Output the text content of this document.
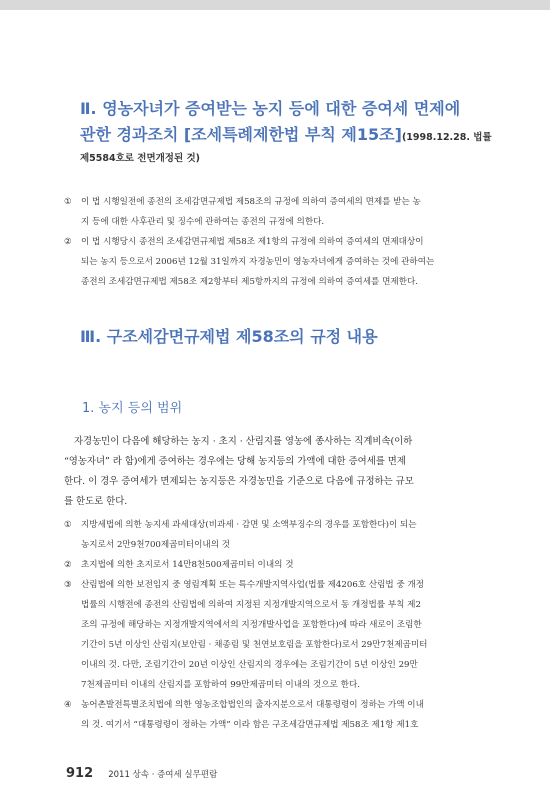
Ⅱ. 영농자녀가 증여받는 농지 등에 대한 증여세 면제에
관한 경과조치 [조세특례제한법 부칙 제15조](1998.12.28. 법률
제5584호로 전면개정된 것)
①	이 법 시행일전에 종전의 조세감면규제법 제58조의 규정에 의하여 증여세의 면제를 받는 농
지 등에 대한 사후관리 및 징수에 관하여는 종전의 규정에 의한다.
②	이 법 시행당시 종전의 조세감면규제법 제58조 제1항의 규정에 의하여 증여세의 면제대상이
되는 농지 등으로서 2006년 12월 31일까지 자경농민이 영농자녀에게 증여하는 것에 관하여는
종전의 조세감면규제법 제58조 제2항부터 제5항까지의 규정에 의하여 증여세를 면제한다.
Ⅲ. 구조세감면규제법 제58조의 규정 내용
1. 농지 등의 범위
자경농민이 다음에 해당하는 농지 · 초지 · 산림지를 영농에 종사하는 직계비속(이하
“영농자녀” 라 함)에게 증여하는 경우에는 당해 농지등의 가액에 대한 증여세를 면제
한다. 이 경우 증여세가 면제되는 농지등은 자경농민을 기준으로 다음에 규정하는 규모
를 한도로 한다.
①	지방세법에 의한 농지세 과세대상(비과세 · 감면 및 소액부징수의 경우를 포함한다)이 되는
농지로서 2만9천700제곱미터이내의 것
②	초지법에 의한 초지로서 14만8천500제곱미터 이내의 것
③	산림법에 의한 보전임지 중 영림계획 또는 특수개발지역사업(법률 제4206호 산림법 중 개정
법률의 시행전에 종전의 산림법에 의하여 지정된 지정개발지역으로서 동 개정법률 부칙 제2
조의 규정에 해당하는 지정개발지역에서의 지정개발사업을 포함한다)에 따라 새로이 조림한
기간이 5년 이상인 산림지(보안림 · 채종림 및 천연보호림을 포함한다)로서 29만7천제곱미터
이내의 것. 다만, 조림기간이 20년 이상인 산림지의 경우에는 조림기간이 5년 이상인 29만
7천제곱미터 이내의 산림지를 포함하여 99만제곱미터 이내의 것으로 한다.
④	농어촌발전특별조치법에 의한 영농조합법인의 출자지분으로서 대통령령이 정하는 가액 이내
의 것. 여기서 “대통령령이 정하는 가액” 이라 함은 구조세감면규제법 제58조 제1항 제1호
912 2011 상속 · 증여세 실무편람
